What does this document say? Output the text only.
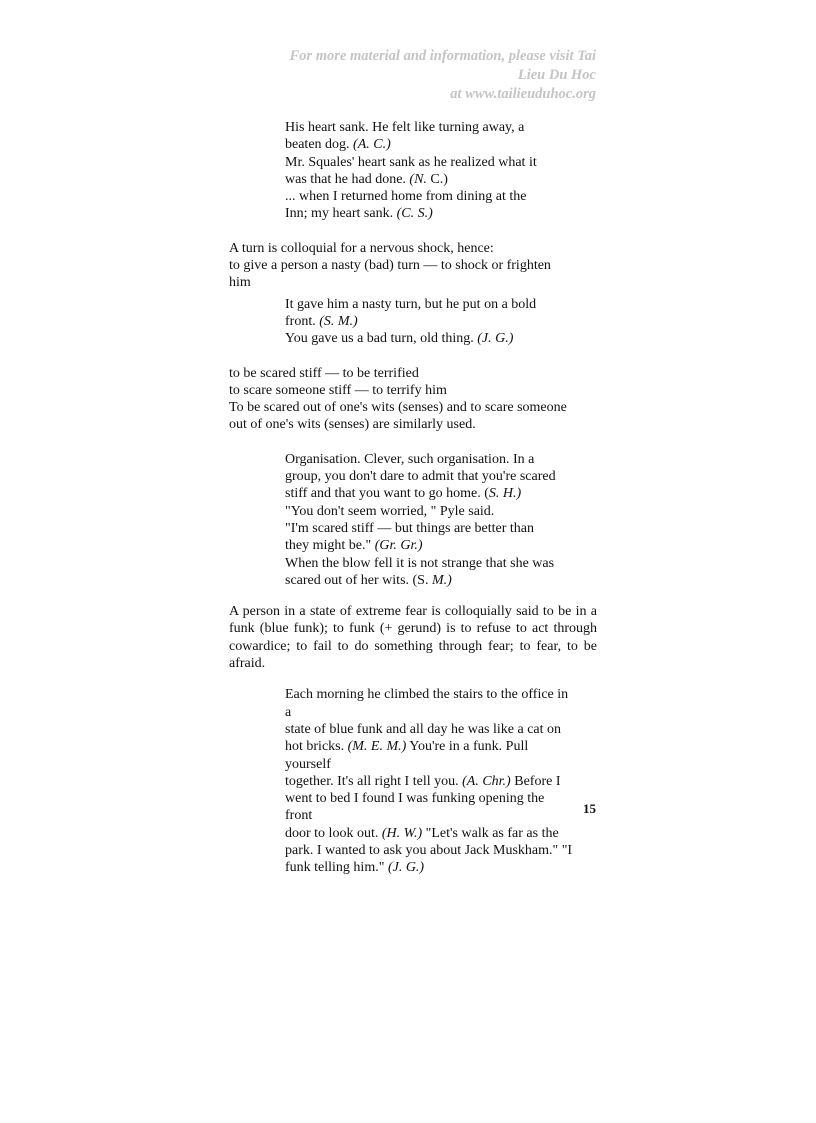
For more material and information, please visit Tai
Lieu Du Hoc
at www.tailieuduhoc.org

His heart sank. He felt like turning away, a

beaten dog. (A. C.)

Mr. Squales' heart sank as he realized what it

was that he had done. (N. C.)

... when I returned home from dining at the

Inn; my heart sank. (C. S.)

A turn is colloquial for a nervous shock, hence:

to give a person a nasty (bad) turn — to shock or frighten

him

It gave him a nasty turn, but he put on a bold

front. (S. M.)

You gave us a bad turn, old thing. (J. G.)

to be scared stiff — to be terrified

to scare someone stiff — to terrify him

To be scared out of one's wits (senses) and to scare someone

out of one's wits (senses) are similarly used.

Organisation. Clever, such organisation. In a

group, you don't dare to admit that you're scared

stiff and that you want to go home. (S. H.)

"You don't seem worried, " Pyle said.

"I'm scared stiff — but things are better than

they might be." (Gr. Gr.)

When the blow fell it is not strange that she was

scared out of her wits. (S. M.)

A person in a state of extreme fear is colloquially said to be in a funk (blue funk); to funk (+ gerund) is to refuse to act through cowardice; to fail to do something through fear; to fear, to be afraid.

Each morning he climbed the stairs to the office in a

state of blue funk and all day he was like a cat on

hot bricks. (M. E. M.) You're in a funk. Pull yourself

together. It's all right I tell you. (A. Chr.) Before I

went to bed I found I was funking opening the front

door to look out. (H. W.) "Let's walk as far as the

park. I wanted to ask you about Jack Muskham." "I

funk telling him." (J. G.)

15
